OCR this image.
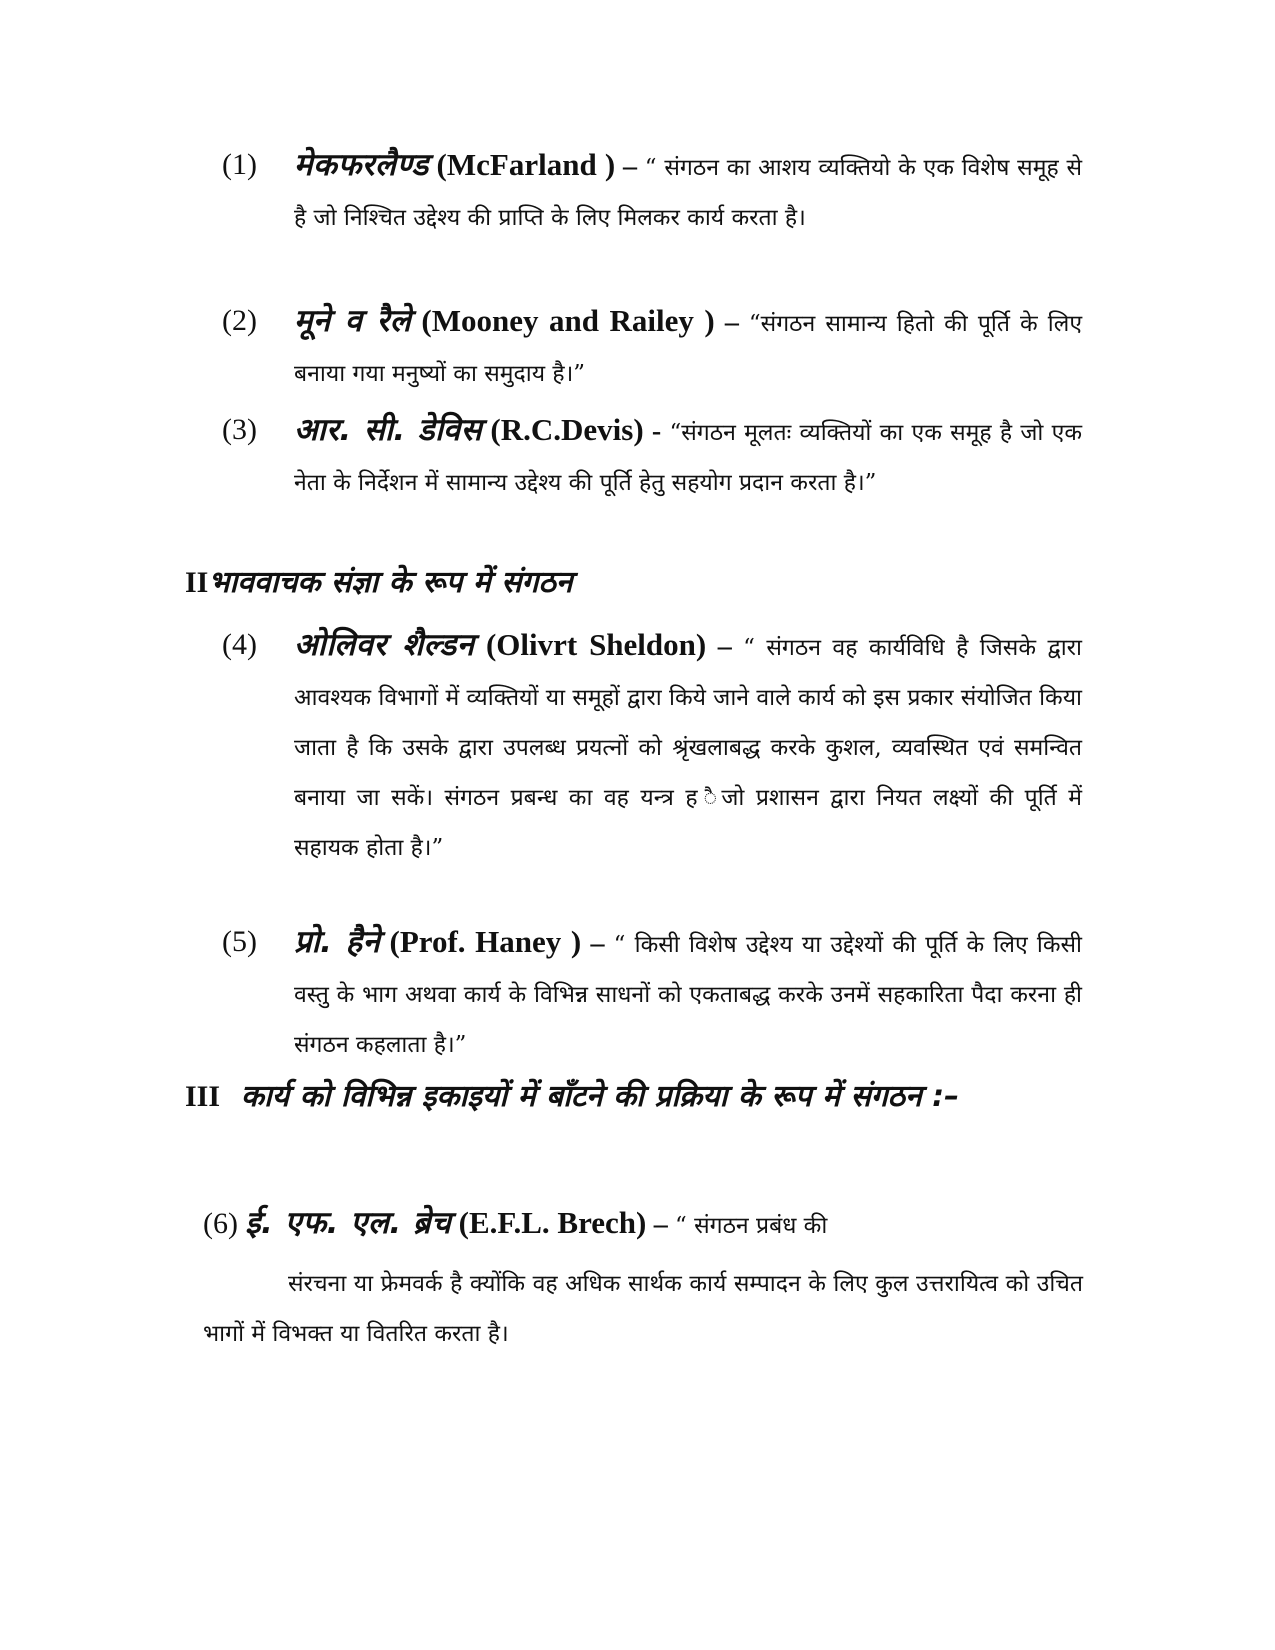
(1) मेकफरलैण्ड (McFarland ) – “ संगठन का आशय व्यक्तियो के एक विशेष समूह से है जो निश्चित उद्देश्य की प्राप्ति के लिए मिलकर कार्य करता है।
(2) मूने व रैले (Mooney and Railey ) – “संगठन सामान्य हितो की पूर्ति के लिए बनाया गया मनुष्यों का समुदाय है।”
(3) आर. सी. डेविस (R.C.Devis) - “संगठन मूलतः व्यक्तियों का एक समूह है जो एक नेता के निर्देशन में सामान्य उद्देश्य की पूर्ति हेतु सहयोग प्रदान करता है।”
IIभाववाचक संज्ञा के रूप में संगठन
(4) ओलिवर शैल्डन (Olivrt Sheldon) – “ संगठन वह कार्यविधि है जिसके द्वारा आवश्यक विभागों में व्यक्तियों या समूहों द्वारा किये जाने वाले कार्य को इस प्रकार संयोजित किया जाता है कि उसके द्वारा उपलब्ध प्रयत्नों को श्रृंखलाबद्ध करके कुशल, व्यवस्थित एवं समन्वित बनाया जा सकें। संगठन प्रबन्ध का वह यन्त्र ह ैजो प्रशासन द्वारा नियत लक्ष्यों की पूर्ति में सहायक होता है।”
(5) प्रो. हैने (Prof. Haney ) – “ किसी विशेष उद्देश्य या उद्देश्यों की पूर्ति के लिए किसी वस्तु के भाग अथवा कार्य के विभिन्न साधनों को एकताबद्ध करके उनमें सहकारिता पैदा करना ही संगठन कहलाता है।”
III कार्य को विभिन्न इकाइयों में बाँटने की प्रक्रिया के रूप में संगठन :–
(6) ई. एफ. एल. ब्रेच (E.F.L. Brech) – “ संगठन प्रबंध की
संरचना या फ्रेमवर्क है क्योंकि वह अधिक सार्थक कार्य सम्पादन के लिए कुल उत्तरायित्व को उचित भागों में विभक्त या वितरित करता है।
